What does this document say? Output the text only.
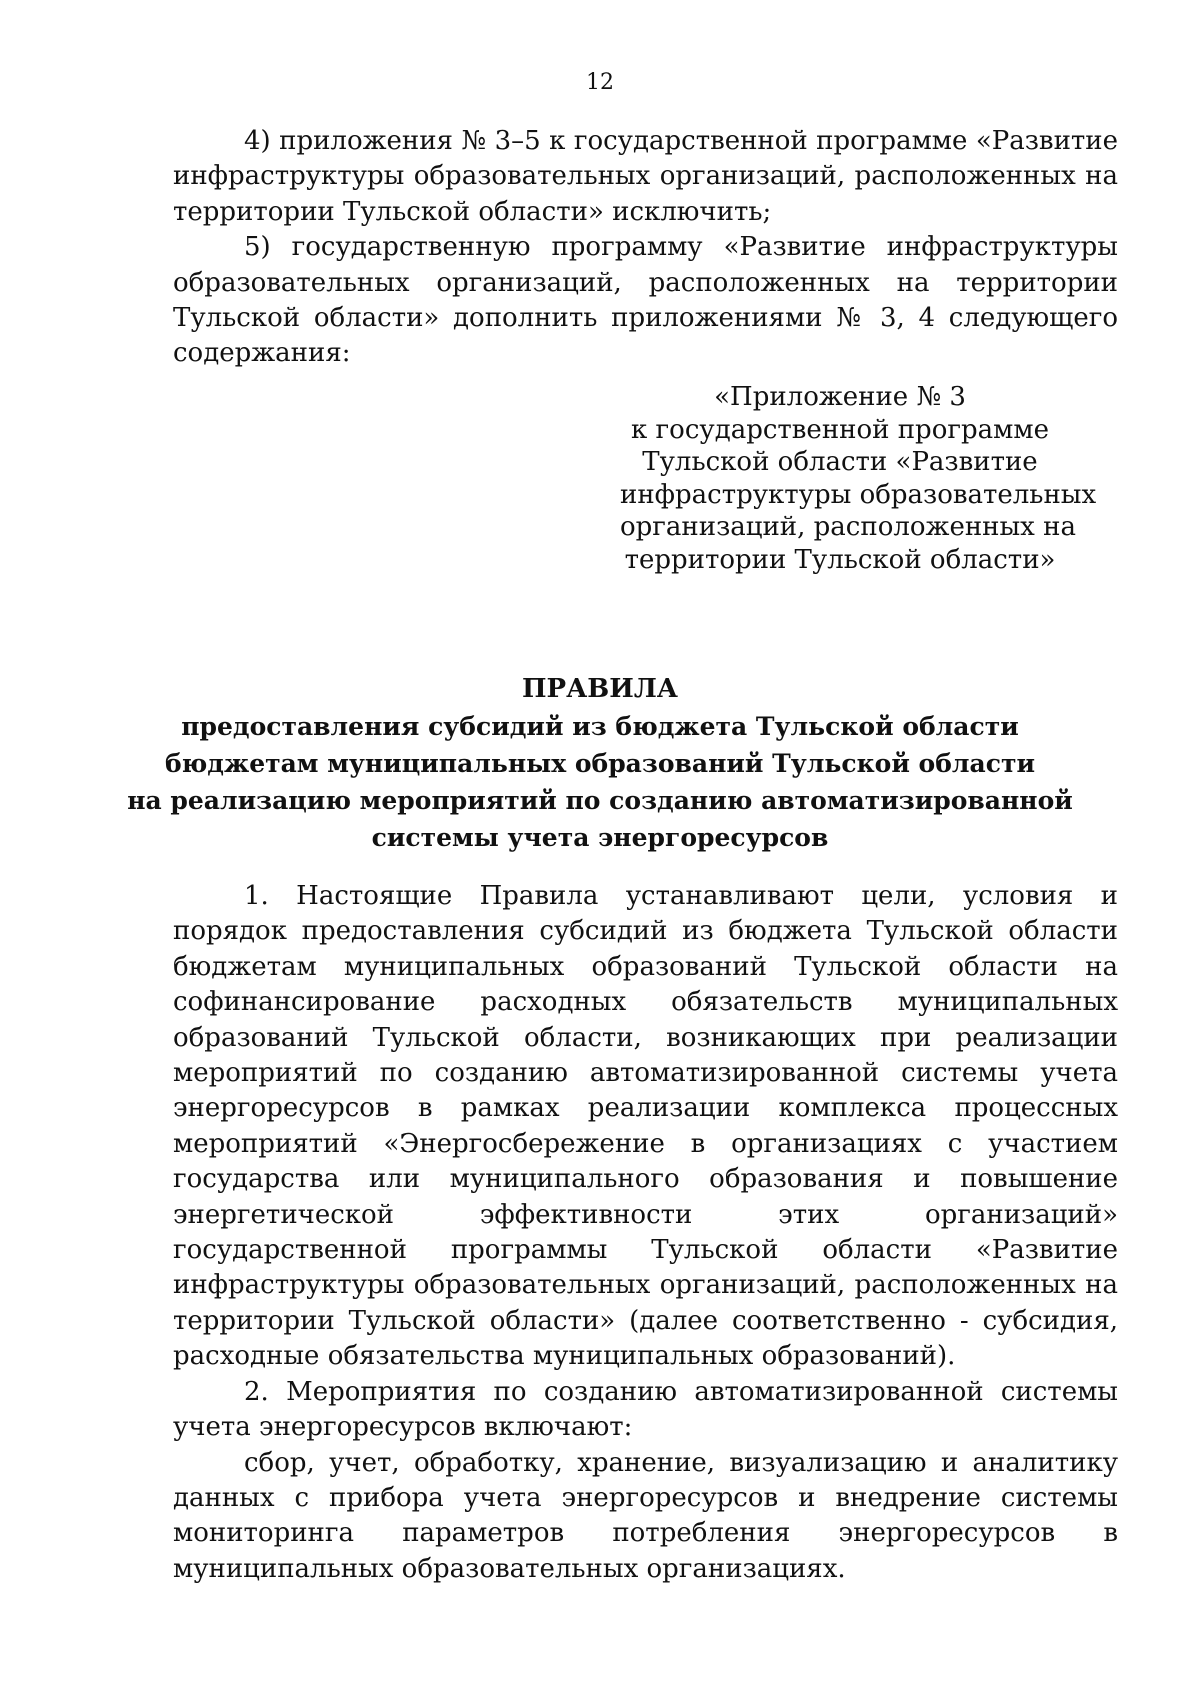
12

4) приложения № 3–5 к государственной программе «Развитие инфраструктуры образовательных организаций, расположенных на территории Тульской области» исключить;

5) государственную программу «Развитие инфраструктуры образовательных организаций, расположенных на территории Тульской области» дополнить приложениями № 3, 4 следующего содержания:

«Приложение № 3
к государственной программе
Тульской области «Развитие
инфраструктуры образовательных
организаций, расположенных на
территории Тульской области»
ПРАВИЛА
предоставления субсидий из бюджета Тульской области
бюджетам муниципальных образований Тульской области
на реализацию мероприятий по созданию автоматизированной
системы учета энергоресурсов

1. Настоящие Правила устанавливают цели, условия и порядок предоставления субсидий из бюджета Тульской области бюджетам муниципальных образований Тульской области на софинансирование расходных обязательств муниципальных образований Тульской области, возникающих при реализации мероприятий по созданию автоматизированной системы учета энергоресурсов в рамках реализации комплекса процессных мероприятий «Энергосбережение в организациях с участием государства или муниципального образования и повышение энергетической эффективности этих организаций» государственной программы Тульской области «Развитие инфраструктуры образовательных организаций, расположенных на территории Тульской области» (далее соответственно - субсидия, расходные обязательства муниципальных образований).

2. Мероприятия по созданию автоматизированной системы учета энергоресурсов включают:

сбор, учет, обработку, хранение, визуализацию и аналитику данных с прибора учета энергоресурсов и внедрение системы мониторинга параметров потребления энергоресурсов в муниципальных образовательных организациях.
